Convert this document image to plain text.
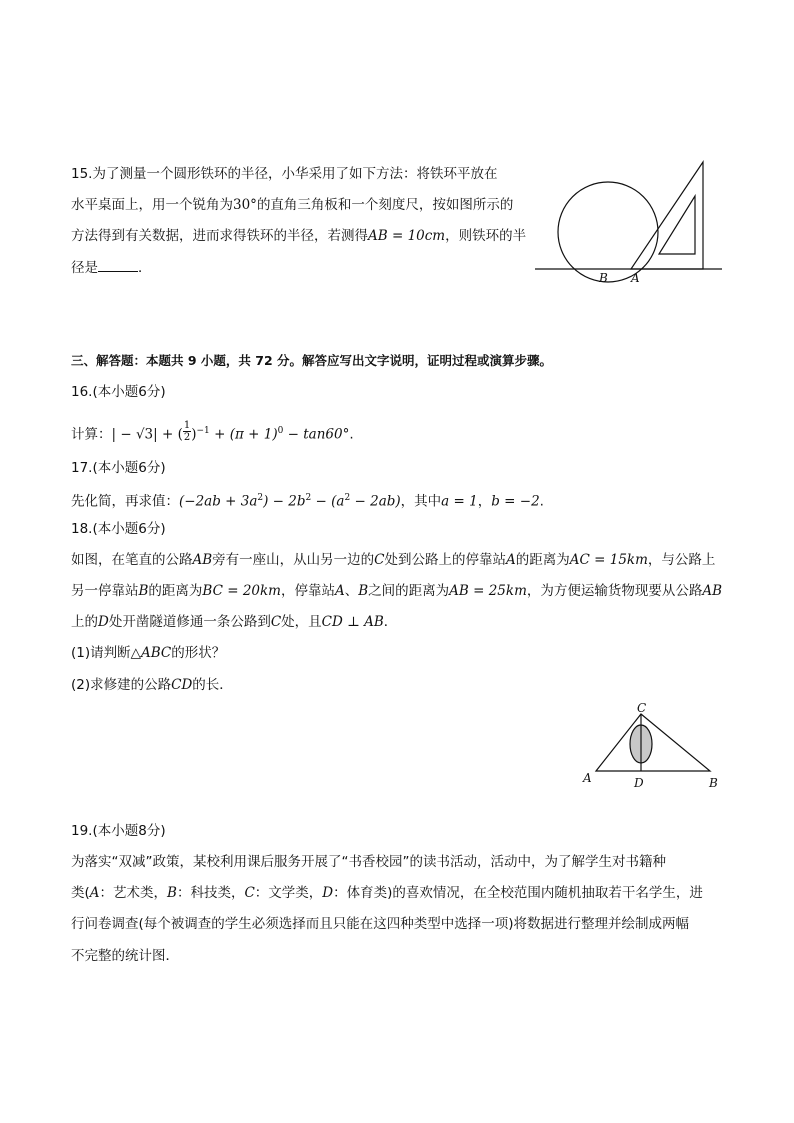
15.为了测量一个圆形铁环的半径，小华采用了如下方法：将铁环平放在
水平桌面上，用一个锐角为30°的直角三角板和一个刻度尺，按如图所示的
方法得到有关数据，进而求得铁环的半径，若测得AB = 10cm，则铁环的半
径是	．
B A
三、解答题：本题共 9 小题，共 72 分。解答应写出文字说明，证明过程或演算步骤。
16.(本小题6分)
计算：| − √3| + ( $\frac{1}{2} )^{-1} + (\pi + 1)^0 - \tan 60^\circ$.
17.(本小题6分)
先化简，再求值：$(-2ab + 3a^2) - 2b^2 - (a^2 - 2ab)$，其中a = 1，b = −2.
18.(本小题6分)
如图，在笔直的公路AB旁有一座山，从山另一边的C处到公路上的停靠站A的距离为AC = 15km，与公路上
另一停靠站B的距离为BC = 20km，停靠站A、B之间的距离为AB = 25km，为方便运输货物现要从公路AB
上的D处开凿隧道修通一条公路到C处，且CD ⊥ AB．
(1)请判断△ABC的形状？
(2)求修建的公路CD的长．
C
A	D	B
19.(本小题8分)
为落实“双减”政策，某校利用课后服务开展了“书香校园”的读书活动，活动中，为了解学生对书籍种
类(A：艺术类，B：科技类，C：文学类，D：体育类)的喜欢情况，在全校范围内随机抽取若干名学生，进
行问卷调查(每个被调查的学生必须选择而且只能在这四种类型中选择一项)将数据进行整理并绘制成两幅
不完整的统计图．
